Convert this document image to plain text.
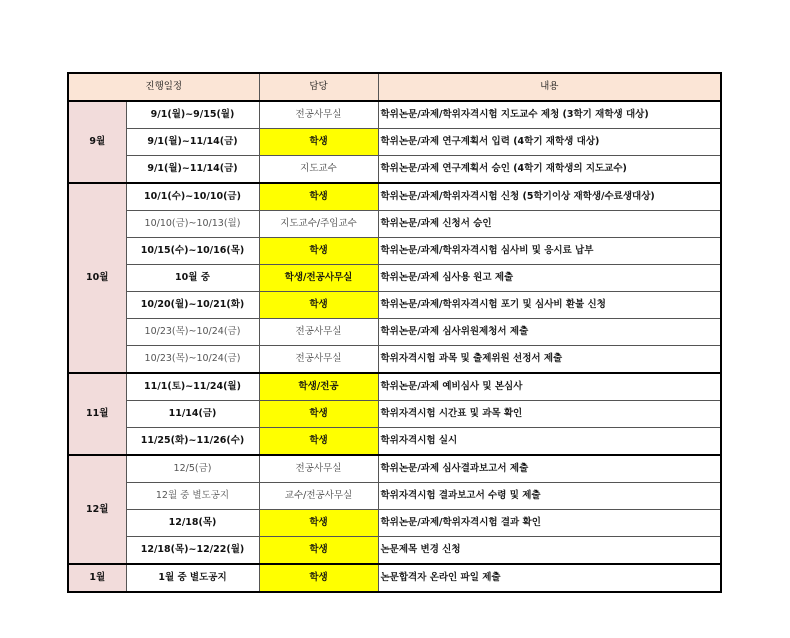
진행일정		담당	내용
9월	9/1(월)~9/15(월)	전공사무실	학위논문/과제/학위자격시험 지도교수 제청 (3학기 재학생 대상)
	9/1(월)~11/14(금)	학생	학위논문/과제 연구계획서 입력 (4학기 재학생 대상)
	9/1(월)~11/14(금)	지도교수	학위논문/과제 연구계획서 승인 (4학기 재학생의 지도교수)
10월	10/1(수)~10/10(금)	학생	학위논문/과제/학위자격시험 신청 (5학기이상 재학생/수료생대상)
	10/10(금)~10/13(월)	지도교수/주임교수	학위논문/과제 신청서 승인
	10/15(수)~10/16(목)	학생	학위논문/과제/학위자격시험 심사비 및 응시료 납부
	10월 중	학생/전공사무실	학위논문/과제 심사용 원고 제출
	10/20(월)~10/21(화)	학생	학위논문/과제/학위자격시험 포기 및 심사비 환불 신청
	10/23(목)~10/24(금)	전공사무실	학위논문/과제 심사위원제청서 제출
	10/23(목)~10/24(금)	전공사무실	학위자격시험 과목 및 출제위원 선정서 제출
11월	11/1(토)~11/24(월)	학생/전공	학위논문/과제 예비심사 및 본심사
	11/14(금)	학생	학위자격시험 시간표 및 과목 확인
	11/25(화)~11/26(수)	학생	학위자격시험 실시
12월	12/5(금)	전공사무실	학위논문/과제 심사결과보고서 제출
	12월 중 별도공지	교수/전공사무실	학위자격시험 결과보고서 수령 및 제출
	12/18(목)	학생	학위논문/과제/학위자격시험 결과 확인
	12/18(목)~12/22(월)	학생	논문제목 변경 신청
1월	1월 중 별도공지	학생	논문합격자 온라인 파일 제출
